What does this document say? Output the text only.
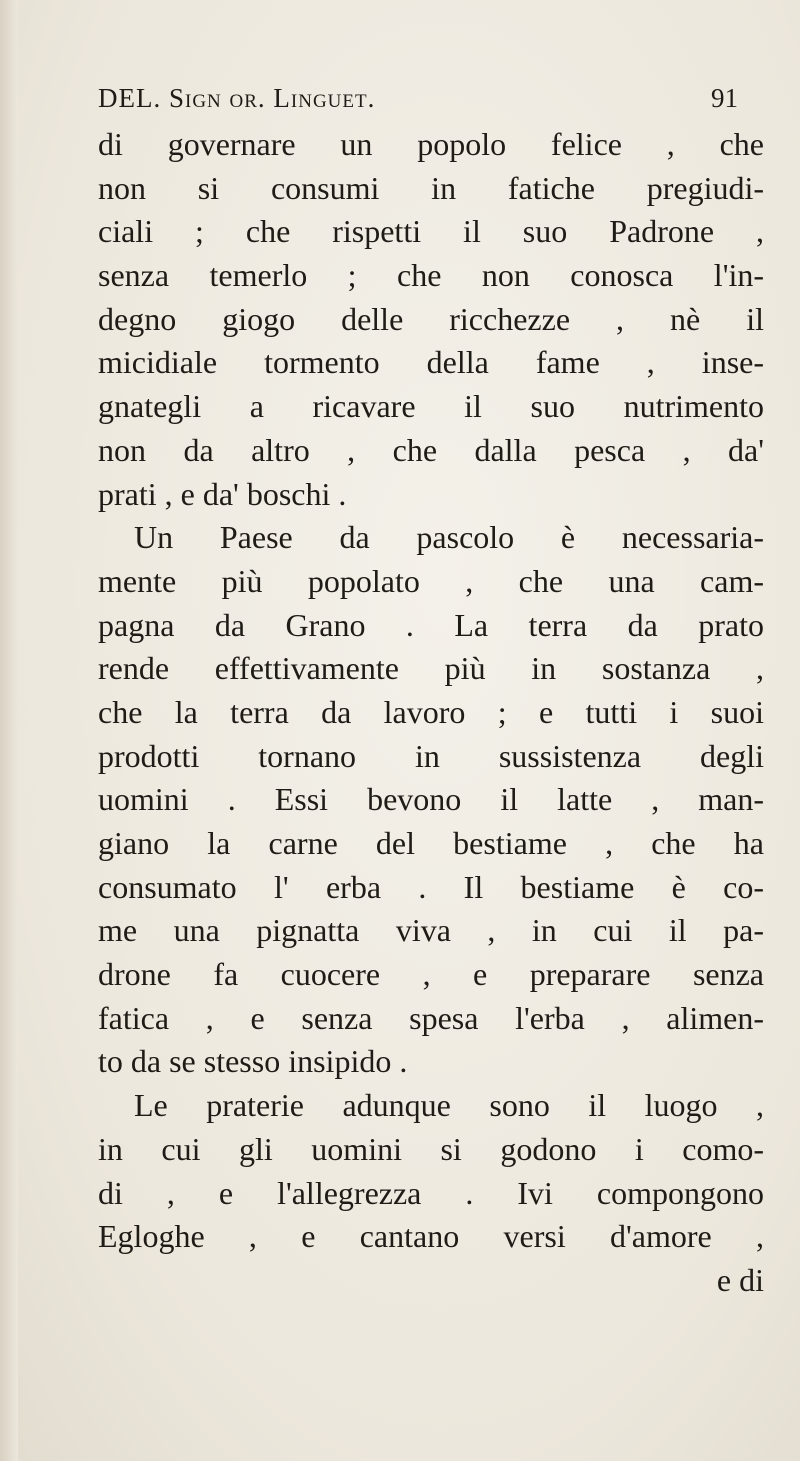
DEL. Sign or. Linguet.	91
di governare un popolo felice , che
non si consumi in fatiche pregiudi-
ciali ; che rispetti il suo Padrone ,
senza temerlo ; che non conosca l'in-
degno giogo delle ricchezze , nè il
micidiale tormento della fame , inse-
gnategli a ricavare il suo nutrimento
non da altro , che dalla pesca , da'
prati , e da' boschi .
Un Paese da pascolo è necessaria-
mente più popolato , che una cam-
pagna da Grano . La terra da prato
rende effettivamente più in sostanza ,
che la terra da lavoro ; e tutti i suoi
prodotti tornano in sussistenza degli
uomini . Essi bevono il latte , man-
giano la carne del bestiame , che ha
consumato l' erba . Il bestiame è co-
me una pignatta viva , in cui il pa-
drone fa cuocere , e preparare senza
fatica , e senza spesa l'erba , alimen-
to da se stesso insipido .
Le praterie adunque sono il luogo ,
in cui gli uomini si godono i como-
di , e l'allegrezza . Ivi compongono
Egloghe , e cantano versi d'amore ,
e di
